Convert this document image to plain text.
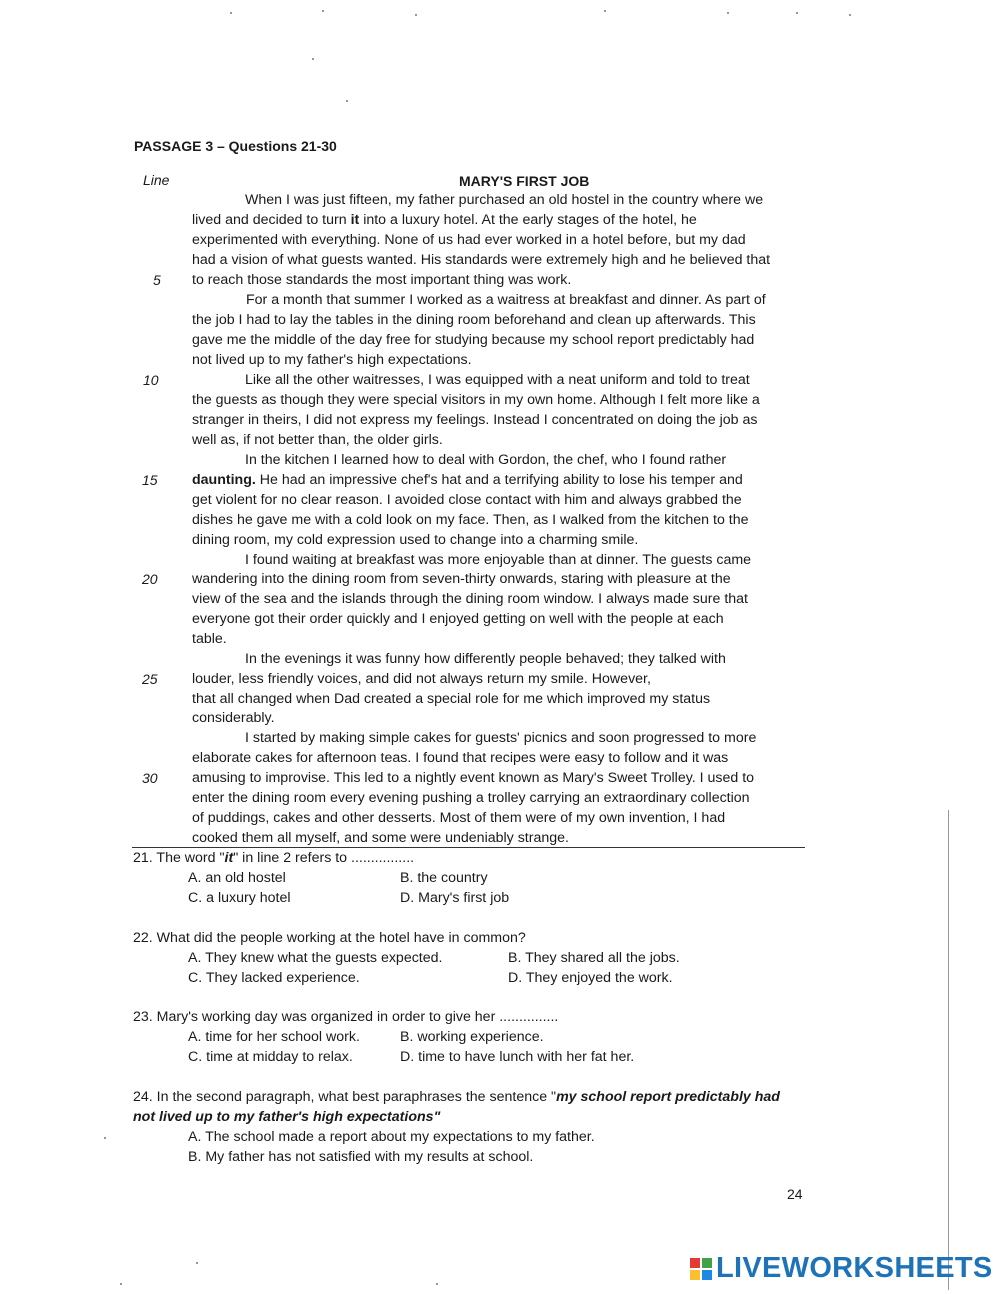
PASSAGE 3 – Questions 21-30
Line	MARY'S FIRST JOB
When I was just fifteen, my father purchased an old hostel in the country where we
lived and decided to turn it into a luxury hotel. At the early stages of the hotel, he
experimented with everything. None of us had ever worked in a hotel before, but my dad
had a vision of what guests wanted. His standards were extremely high and he believed that
to reach those standards the most important thing was work.
For a month that summer I worked as a waitress at breakfast and dinner. As part of
the job I had to lay the tables in the dining room beforehand and clean up afterwards. This
gave me the middle of the day free for studying because my school report predictably had
not lived up to my father's high expectations.
Like all the other waitresses, I was equipped with a neat uniform and told to treat
the guests as though they were special visitors in my own home. Although I felt more like a
stranger in theirs, I did not express my feelings. Instead I concentrated on doing the job as
well as, if not better than, the older girls.
In the kitchen I learned how to deal with Gordon, the chef, who I found rather
daunting. He had an impressive chef's hat and a terrifying ability to lose his temper and
get violent for no clear reason. I avoided close contact with him and always grabbed the
dishes he gave me with a cold look on my face. Then, as I walked from the kitchen to the
dining room, my cold expression used to change into a charming smile.
I found waiting at breakfast was more enjoyable than at dinner. The guests came
wandering into the dining room from seven-thirty onwards, staring with pleasure at the
view of the sea and the islands through the dining room window. I always made sure that
everyone got their order quickly and I enjoyed getting on well with the people at each
table.
In the evenings it was funny how differently people behaved; they talked with
louder, less friendly voices, and did not always return my smile. However,
that all changed when Dad created a special role for me which improved my status
considerably.
I started by making simple cakes for guests' picnics and soon progressed to more
elaborate cakes for afternoon teas. I found that recipes were easy to follow and it was
amusing to improvise. This led to a nightly event known as Mary's Sweet Trolley. I used to
enter the dining room every evening pushing a trolley carrying an extraordinary collection
of puddings, cakes and other desserts. Most of them were of my own invention, I had
cooked them all myself, and some were undeniably strange.
5
10
15
20
25
30
21. The word "it" in line 2 refers to ................
A. an old hostel	B. the country
C. a luxury hotel	D. Mary's first job
22. What did the people working at the hotel have in common?
A. They knew what the guests expected.	B. They shared all the jobs.
C. They lacked experience.	D. They enjoyed the work.
23. Mary's working day was organized in order to give her ...............
A. time for her school work.	B. working experience.
C. time at midday to relax.	D. time to have lunch with her fat her.
24. In the second paragraph, what best paraphrases the sentence "my school report predictably had
not lived up to my father's high expectations"
A. The school made a report about my expectations to my father.
B. My father has not satisfied with my results at school.
24
LIVEWORKSHEETS
